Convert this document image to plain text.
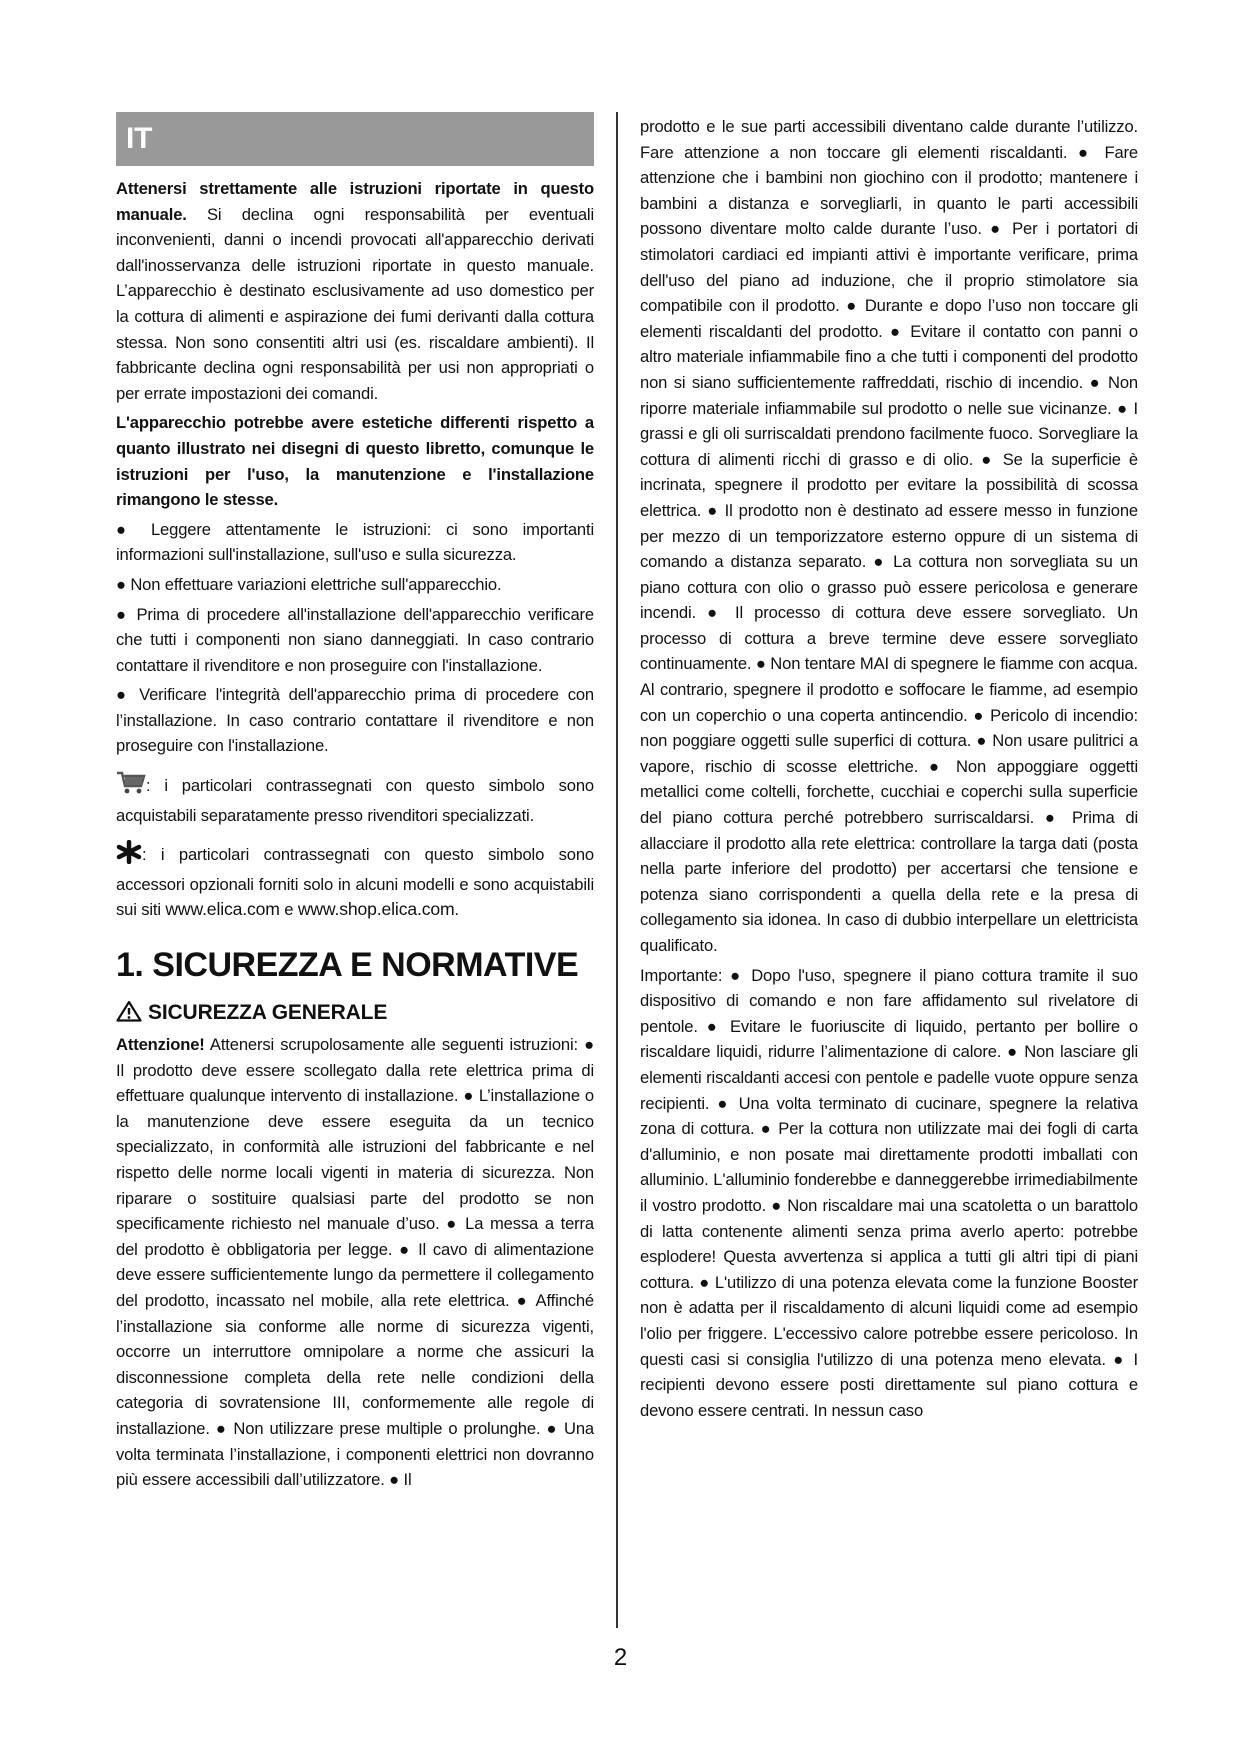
IT

Attenersi strettamente alle istruzioni riportate in questo manuale. Si declina ogni responsabilità per eventuali inconvenienti, danni o incendi provocati all'apparecchio derivati dall'inosservanza delle istruzioni riportate in questo manuale. L’apparecchio è destinato esclusivamente ad uso domestico per la cottura di alimenti e aspirazione dei fumi derivanti dalla cottura stessa. Non sono consentiti altri usi (es. riscaldare ambienti). Il fabbricante declina ogni responsabilità per usi non appropriati o per errate impostazioni dei comandi.

L'apparecchio potrebbe avere estetiche differenti rispetto a quanto illustrato nei disegni di questo libretto, comunque le istruzioni per l'uso, la manutenzione e l'installazione rimangono le stesse.

● Leggere attentamente le istruzioni: ci sono importanti informazioni sull'installazione, sull'uso e sulla sicurezza.

● Non effettuare variazioni elettriche sull'apparecchio.

● Prima di procedere all'installazione dell'apparecchio verificare che tutti i componenti non siano danneggiati. In caso contrario contattare il rivenditore e non proseguire con l'installazione.

● Verificare l'integrità dell'apparecchio prima di procedere con l’installazione. In caso contrario contattare il rivenditore e non proseguire con l'installazione.

: i particolari contrassegnati con questo simbolo sono acquistabili separatamente presso rivenditori specializzati.

: i particolari contrassegnati con questo simbolo sono accessori opzionali forniti solo in alcuni modelli e sono acquistabili sui siti www.elica.com e www.shop.elica.com.

1. SICUREZZA E NORMATIVE
SICUREZZA GENERALE

Attenzione! Attenersi scrupolosamente alle seguenti istruzioni: ● Il prodotto deve essere scollegato dalla rete elettrica prima di effettuare qualunque intervento di installazione. ● L’installazione o la manutenzione deve essere eseguita da un tecnico specializzato, in conformità alle istruzioni del fabbricante e nel rispetto delle norme locali vigenti in materia di sicurezza. Non riparare o sostituire qualsiasi parte del prodotto se non specificamente richiesto nel manuale d’uso. ● La messa a terra del prodotto è obbligatoria per legge. ● Il cavo di alimentazione deve essere sufficientemente lungo da permettere il collegamento del prodotto, incassato nel mobile, alla rete elettrica. ● Affinché l’installazione sia conforme alle norme di sicurezza vigenti, occorre un interruttore omnipolare a norme che assicuri la disconnessione completa della rete nelle condizioni della categoria di sovratensione III, conformemente alle regole di installazione. ● Non utilizzare prese multiple o prolunghe. ● Una volta terminata l’installazione, i componenti elettrici non dovranno più essere accessibili dall’utilizzatore. ● Il

prodotto e le sue parti accessibili diventano calde durante l’utilizzo. Fare attenzione a non toccare gli elementi riscaldanti. ● Fare attenzione che i bambini non giochino con il prodotto; mantenere i bambini a distanza e sorvegliarli, in quanto le parti accessibili possono diventare molto calde durante l’uso. ● Per i portatori di stimolatori cardiaci ed impianti attivi è importante verificare, prima dell'uso del piano ad induzione, che il proprio stimolatore sia compatibile con il prodotto. ● Durante e dopo l’uso non toccare gli elementi riscaldanti del prodotto. ● Evitare il contatto con panni o altro materiale infiammabile fino a che tutti i componenti del prodotto non si siano sufficientemente raffreddati, rischio di incendio. ● Non riporre materiale infiammabile sul prodotto o nelle sue vicinanze. ● I grassi e gli oli surriscaldati prendono facilmente fuoco. Sorvegliare la cottura di alimenti ricchi di grasso e di olio. ● Se la superficie è incrinata, spegnere il prodotto per evitare la possibilità di scossa elettrica. ● Il prodotto non è destinato ad essere messo in funzione per mezzo di un temporizzatore esterno oppure di un sistema di comando a distanza separato. ● La cottura non sorvegliata su un piano cottura con olio o grasso può essere pericolosa e generare incendi. ● Il processo di cottura deve essere sorvegliato. Un processo di cottura a breve termine deve essere sorvegliato continuamente. ● Non tentare MAI di spegnere le fiamme con acqua. Al contrario, spegnere il prodotto e soffocare le fiamme, ad esempio con un coperchio o una coperta antincendio. ● Pericolo di incendio: non poggiare oggetti sulle superfici di cottura. ● Non usare pulitrici a vapore, rischio di scosse elettriche. ● Non appoggiare oggetti metallici come coltelli, forchette, cucchiai e coperchi sulla superficie del piano cottura perché potrebbero surriscaldarsi. ● Prima di allacciare il prodotto alla rete elettrica: controllare la targa dati (posta nella parte inferiore del prodotto) per accertarsi che tensione e potenza siano corrispondenti a quella della rete e la presa di collegamento sia idonea. In caso di dubbio interpellare un elettricista qualificato.

Importante: ● Dopo l'uso, spegnere il piano cottura tramite il suo dispositivo di comando e non fare affidamento sul rivelatore di pentole. ● Evitare le fuoriuscite di liquido, pertanto per bollire o riscaldare liquidi, ridurre l’alimentazione di calore. ● Non lasciare gli elementi riscaldanti accesi con pentole e padelle vuote oppure senza recipienti. ● Una volta terminato di cucinare, spegnere la relativa zona di cottura. ● Per la cottura non utilizzate mai dei fogli di carta d'alluminio, e non posate mai direttamente prodotti imballati con alluminio. L'alluminio fonderebbe e danneggerebbe irrimediabilmente il vostro prodotto. ● Non riscaldare mai una scatoletta o un barattolo di latta contenente alimenti senza prima averlo aperto: potrebbe esplodere! Questa avvertenza si applica a tutti gli altri tipi di piani cottura. ● L'utilizzo di una potenza elevata come la funzione Booster non è adatta per il riscaldamento di alcuni liquidi come ad esempio l'olio per friggere. L'eccessivo calore potrebbe essere pericoloso. In questi casi si consiglia l'utilizzo di una potenza meno elevata. ● I recipienti devono essere posti direttamente sul piano cottura e devono essere centrati. In nessun caso

2
